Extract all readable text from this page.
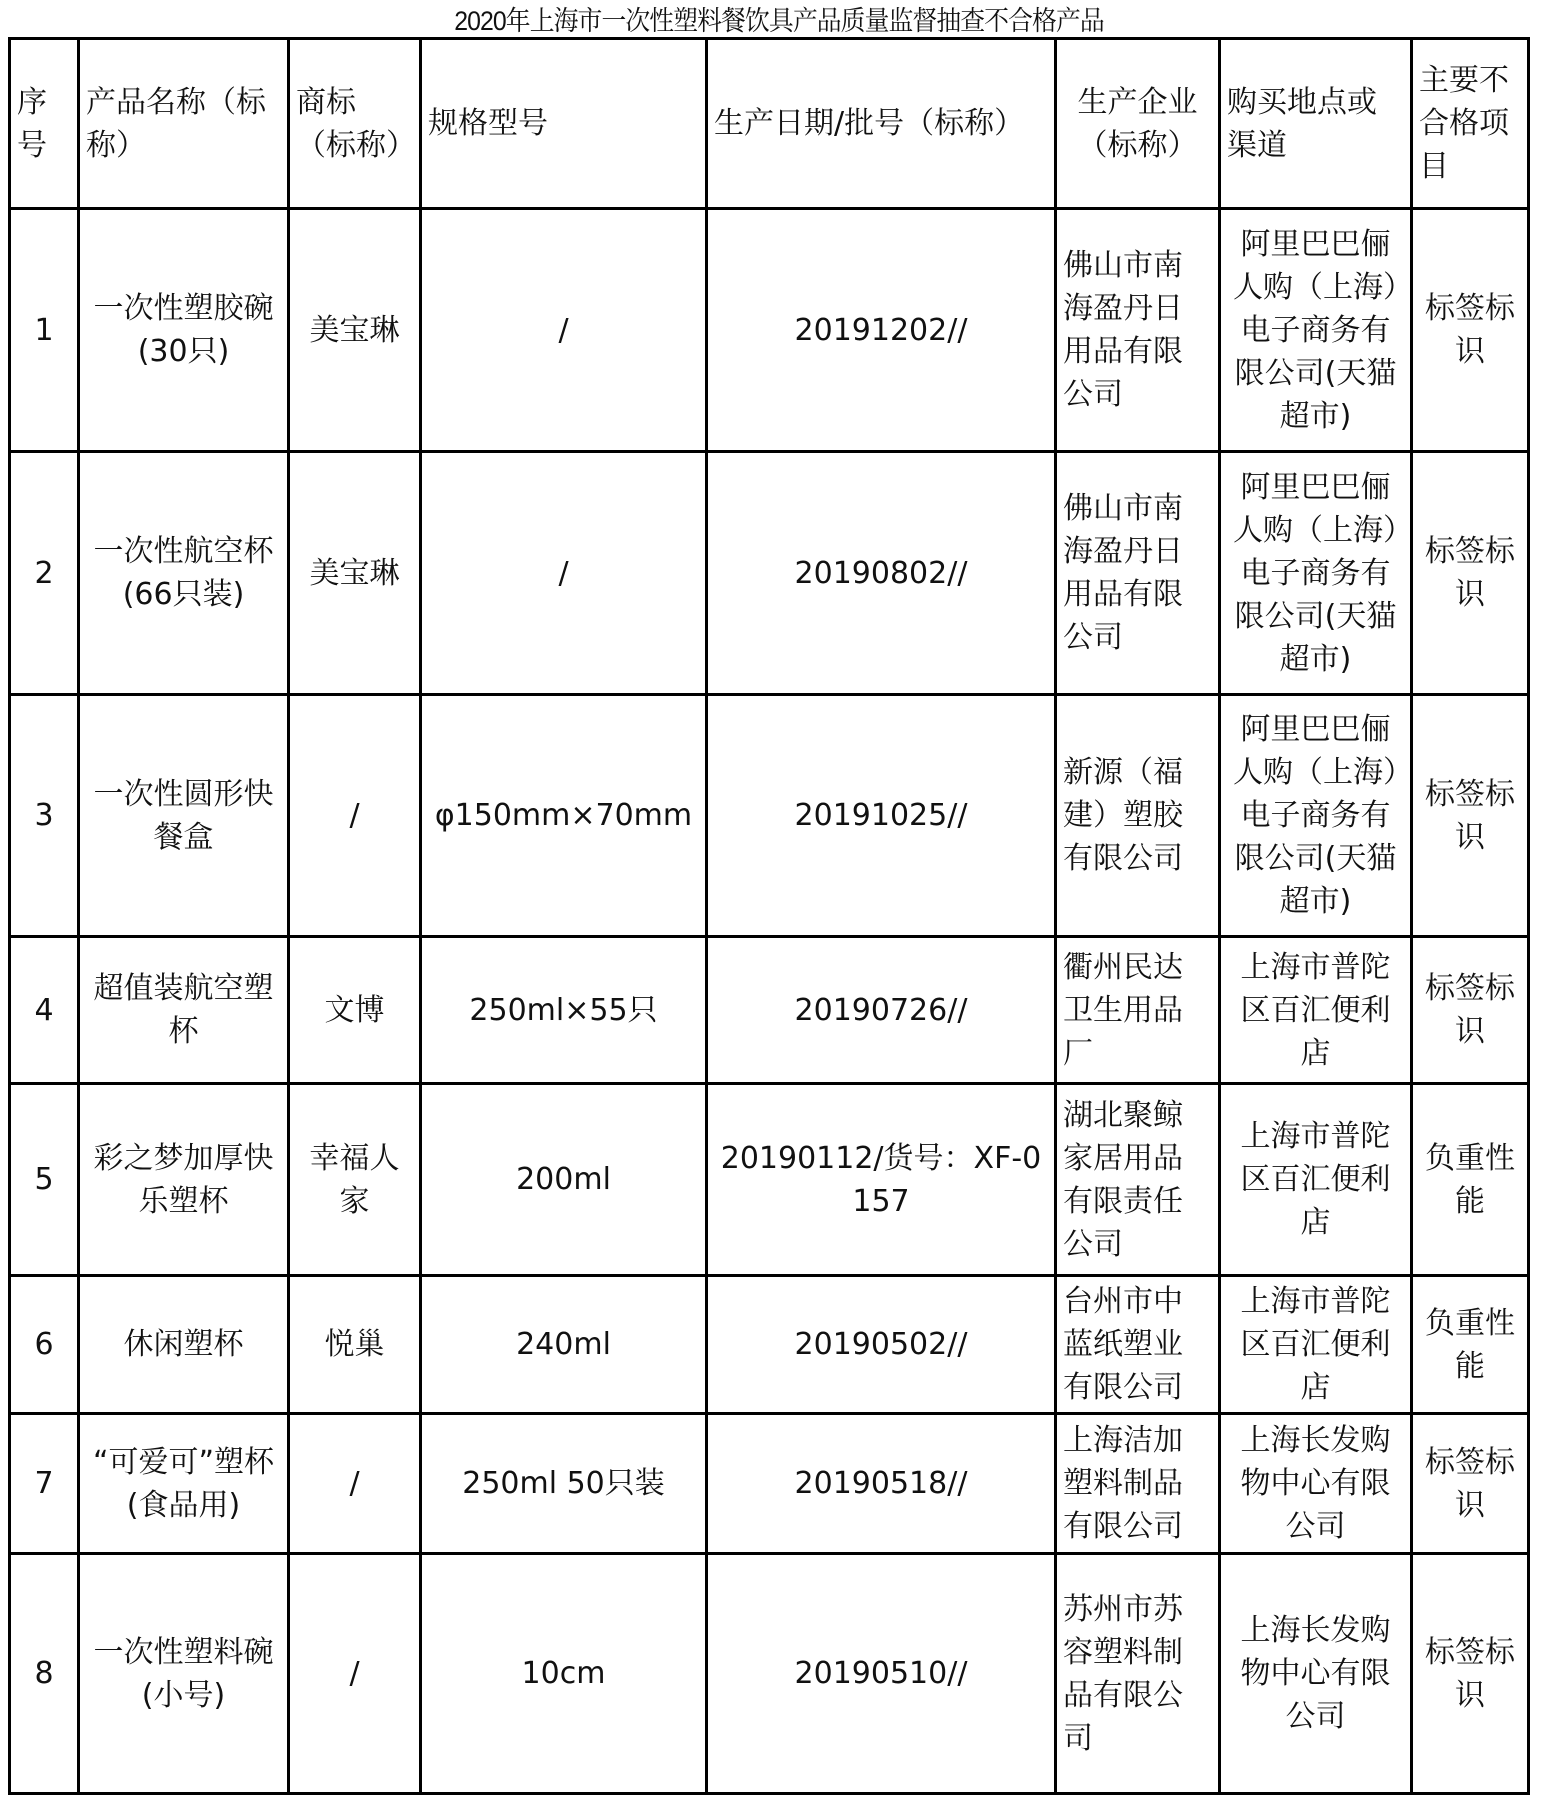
2020年上海市一次性塑料餐饮具产品质量监督抽查不合格产品
序号	产品名称（标称）	商标（标称）	规格型号	生产日期/批号（标称）	生产企业（标称）	购买地点或渠道	主要不合格项目
1	一次性塑胶碗(30只)	美宝琳	/	20191202//	佛山市南海盈丹日用品有限公司	阿里巴巴俪人购（上海）电子商务有限公司(天猫超市)	标签标识
2	一次性航空杯(66只装)	美宝琳	/	20190802//	佛山市南海盈丹日用品有限公司	阿里巴巴俪人购（上海）电子商务有限公司(天猫超市)	标签标识
3	一次性圆形快餐盒	/	φ150mm×70mm	20191025//	新源（福建）塑胶有限公司	阿里巴巴俪人购（上海）电子商务有限公司(天猫超市)	标签标识
4	超值装航空塑杯	文博	250ml×55只	20190726//	衢州民达卫生用品厂	上海市普陀区百汇便利店	标签标识
5	彩之梦加厚快乐塑杯	幸福人家	200ml	20190112/货号：XF-0157	湖北聚鲸家居用品有限责任公司	上海市普陀区百汇便利店	负重性能
6	休闲塑杯	悦巢	240ml	20190502//	台州市中蓝纸塑业有限公司	上海市普陀区百汇便利店	负重性能
7	“可爱可”塑杯(食品用)	/	250ml 50只装	20190518//	上海洁加塑料制品有限公司	上海长发购物中心有限公司	标签标识
8	一次性塑料碗(小号)	/	10cm	20190510//	苏州市苏容塑料制品有限公司	上海长发购物中心有限公司	标签标识
